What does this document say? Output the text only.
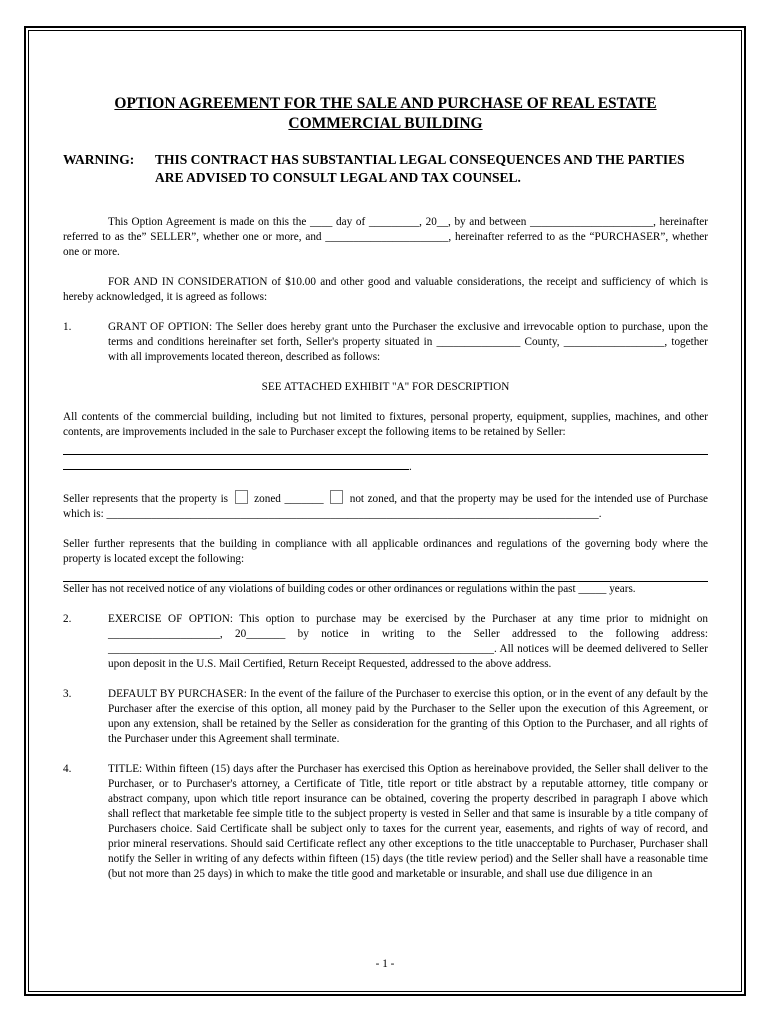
OPTION AGREEMENT FOR THE SALE AND PURCHASE OF REAL ESTATE
COMMERCIAL BUILDING
WARNING:	THIS CONTRACT HAS SUBSTANTIAL LEGAL CONSEQUENCES AND THE PARTIES ARE ADVISED TO CONSULT LEGAL AND TAX COUNSEL.

This Option Agreement is made on this the ____ day of _________, 20__, by and between ______________________, hereinafter referred to as the” SELLER”, whether one or more, and ______________________, hereinafter referred to as the “PURCHASER”, whether one or more.

FOR AND IN CONSIDERATION of $10.00 and other good and valuable considerations, the receipt and sufficiency of which is hereby acknowledged, it is agreed as follows:

1.	GRANT OF OPTION: The Seller does hereby grant unto the Purchaser the exclusive and irrevocable option to purchase, upon the terms and conditions hereinafter set forth, Seller's property situated in _______________ County, __________________, together with all improvements located thereon, described as follows:

SEE ATTACHED EXHIBIT "A" FOR DESCRIPTION

All contents of the commercial building, including but not limited to fixtures, personal property, equipment, supplies, machines, and other contents, are improvements included in the sale to Purchaser except the following items to be retained by Seller:

.

Seller represents that the property is zoned _______ not zoned, and that the property may be used for the intended use of Purchase which is: ________________________________________________________________________________________.

Seller further represents that the building in compliance with all applicable ordinances and regulations of the governing body where the property is located except the following:

Seller has not received notice of any violations of building codes or other ordinances or regulations within the past _____ years.

2.	EXERCISE OF OPTION: This option to purchase may be exercised by the Purchaser at any time prior to midnight on ____________________, 20_______ by notice in writing to the Seller addressed to the following address: _____________________________________________________________________. All notices will be deemed delivered to Seller upon deposit in the U.S. Mail Certified, Return Receipt Requested, addressed to the above address.
3.	DEFAULT BY PURCHASER: In the event of the failure of the Purchaser to exercise this option, or in the event of any default by the Purchaser after the exercise of this option, all money paid by the Purchaser to the Seller upon the execution of this Agreement, or upon any extension, shall be retained by the Seller as consideration for the granting of this Option to the Purchaser, and all rights of the Purchaser under this Agreement shall terminate.
4.	TITLE: Within fifteen (15) days after the Purchaser has exercised this Option as hereinabove provided, the Seller shall deliver to the Purchaser, or to Purchaser's attorney, a Certificate of Title, title report or title abstract by a reputable attorney, title company or abstract company, upon which title report insurance can be obtained, covering the property described in paragraph I above which shall reflect that marketable fee simple title to the subject property is vested in Seller and that same is insurable by a title company of Purchasers choice. Said Certificate shall be subject only to taxes for the current year, easements, and rights of way of record, and prior mineral reservations. Should said Certificate reflect any other exceptions to the title unacceptable to Purchaser, Purchaser shall notify the Seller in writing of any defects within fifteen (15) days (the title review period) and the Seller shall have a reasonable time (but not more than 25 days) in which to make the title good and marketable or insurable, and shall use due diligence in an
- 1 -
